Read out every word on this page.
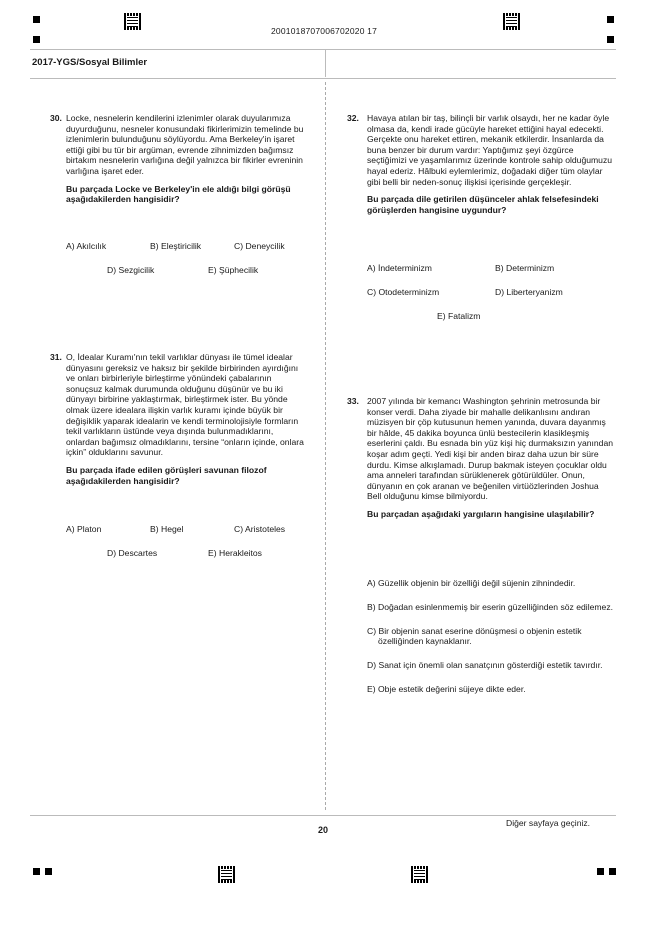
2001018707006702020 17
2017-YGS/Sosyal Bilimler
30. Locke, nesnelerin kendilerini izlenimler olarak duyularımıza duyurduğunu, nesneler konusundaki fikirlerimizin temelinde bu izlenimlerin bulunduğunu söylüyordu. Ama Berkeley'in işaret ettiği gibi bu tür bir argüman, evrende zihnimizden bağımsız birtakım nesnelerin varlığına değil yalnızca bir fikirler evreninin varlığına işaret eder.
Bu parçada Locke ve Berkeley'in ele aldığı bilgi görüşü aşağıdakilerden hangisidir?
A) Akılcılık	B) Eleştiricilik	C) Deneycilik
D) Sezgicilik	E) Şüphecilik
31. O, İdealar Kuramı'nın tekil varlıklar dünyası ile tümel idealar dünyasını gereksiz ve haksız bir şekilde birbirinden ayırdığını ve onları birbirleriyle birleştirme yönündeki çabalarının sonuçsuz kalmak durumunda olduğunu düşünür ve bu iki dünyayı birbirine yaklaştırmak, birleştirmek ister. Bu yönde olmak üzere idealara ilişkin varlık kuramı içinde büyük bir değişiklik yaparak idealarin ve kendi terminolojisiyle formların tekil varlıkların üstünde veya dışında bulunmadıklarını, onlardan bağımsız olmadıklarını, tersine “onların içinde, onlara içkin” olduklarını savunur.
Bu parçada ifade edilen görüşleri savunan filozof aşağıdakilerden hangisidir?
A) Platon	B) Hegel	C) Aristoteles
D) Descartes	E) Herakleitos
32. Havaya atılan bir taş, bilinçli bir varlık olsaydı, her ne kadar öyle olmasa da, kendi irade gücüyle hareket ettiğini hayal edecekti. Gerçekte onu hareket ettiren, mekanik etkilerdir. İnsanlarda da buna benzer bir durum vardır: Yaptığımız şeyi özgürce seçtiğimizi ve yaşamlarımız üzerinde kontrole sahip olduğumuzu hayal ederiz. Hâlbuki eylemlerimiz, doğadaki diğer tüm olaylar gibi belli bir neden-sonuç ilişkisi içerisinde gerçekleşir.
Bu parçada dile getirilen düşünceler ahlak felsefesindeki görüşlerden hangisine uygundur?
A) İndeterminizm	B) Determinizm
C) Otodeterminizm	D) Liberteryanizm
E) Fatalizm
33. 2007 yılında bir kemancı Washington şehrinin metrosunda bir konser verdi. Daha ziyade bir mahalle delikanlısını andıran müzisyen bir çöp kutusunun hemen yanında, duvara dayanmış bir hâlde, 45 dakika boyunca ünlü bestecilerin klasikleşmiş eserlerini çaldı. Bu esnada bin yüz kişi hiç durmaksızın yanından koşar adım geçti. Yedi kişi bir anden biraz daha uzun bir süre durdu. Kimse alkışlamadı. Durup bakmak isteyen çocuklar oldu ama anneleri tarafından sürüklenerek götürüldüler. Onun, dünyanın en çok aranan ve beğenilen virtüözlerinden Joshua Bell olduğunu kimse bilmiyordu.
Bu parçadan aşağıdaki yargıların hangisine ulaşılabilir?
A) Güzellik objenin bir özelliği değil süjenin zihnindedir.
B) Doğadan esinlenmemiş bir eserin güzelliğinden söz edilemez.
C) Bir objenin sanat eserine dönüşmesi o objenin estetik özelliğinden kaynaklanır.
D) Sanat için önemli olan sanatçının gösterdiği estetik tavırdır.
E) Obje estetik değerini süjeye dikte eder.
20
Diğer sayfaya geçiniz.
